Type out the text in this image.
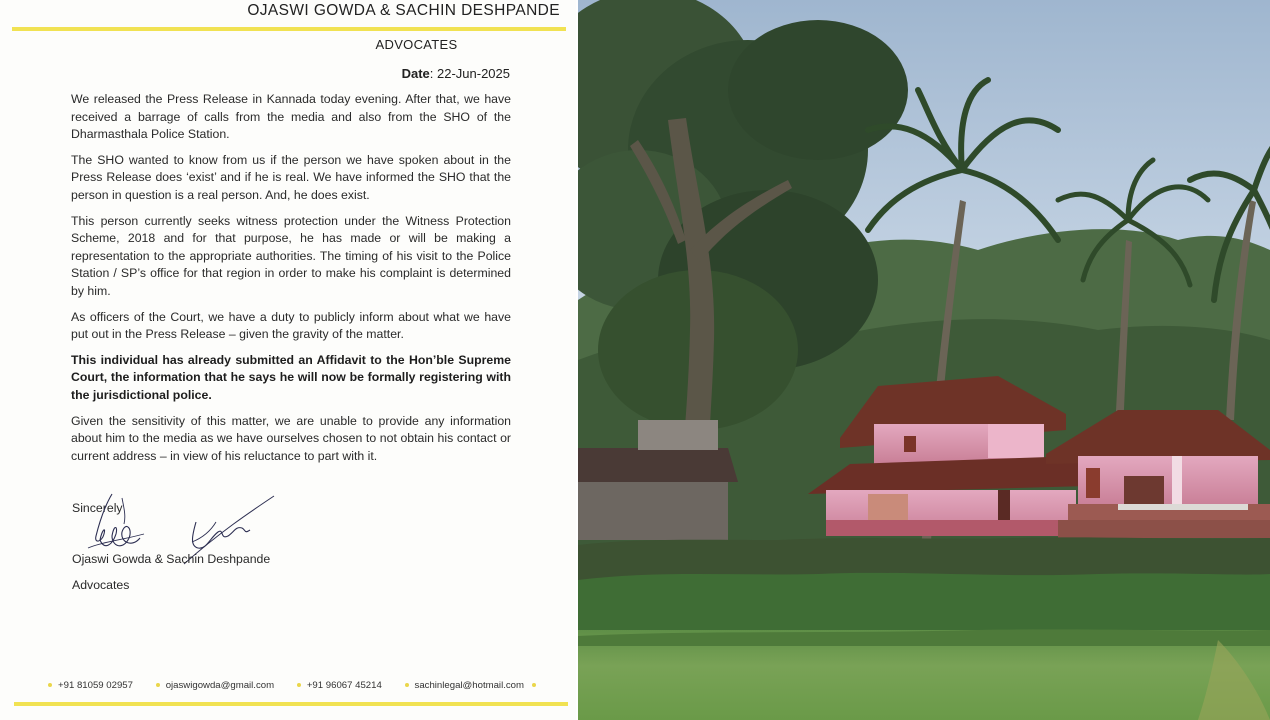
OJASWI GOWDA & SACHIN DESHPANDE
ADVOCATES
Date: 22-Jun-2025

We released the Press Release in Kannada today evening. After that, we have received a barrage of calls from the media and also from the SHO of the Dharmasthala Police Station.

The SHO wanted to know from us if the person we have spoken about in the Press Release does ‘exist’ and if he is real. We have informed the SHO that the person in question is a real person. And, he does exist.

This person currently seeks witness protection under the Witness Protection Scheme, 2018 and for that purpose, he has made or will be making a representation to the appropriate authorities. The timing of his visit to the Police Station / SP’s office for that region in order to make his complaint is determined by him.

As officers of the Court, we have a duty to publicly inform about what we have put out in the Press Release – given the gravity of the matter.

This individual has already submitted an Affidavit to the Hon’ble Supreme Court, the information that he says he will now be formally registering with the jurisdictional police.

Given the sensitivity of this matter, we are unable to provide any information about him to the media as we have ourselves chosen to not obtain his contact or current address – in view of his reluctance to part with it.

Sincerely
Ojaswi Gowda & Sachin Deshpande
Advocates
+91 81059 02957	ojaswigowda@gmail.com	+91 96067 45214	sachinlegal@hotmail.com
